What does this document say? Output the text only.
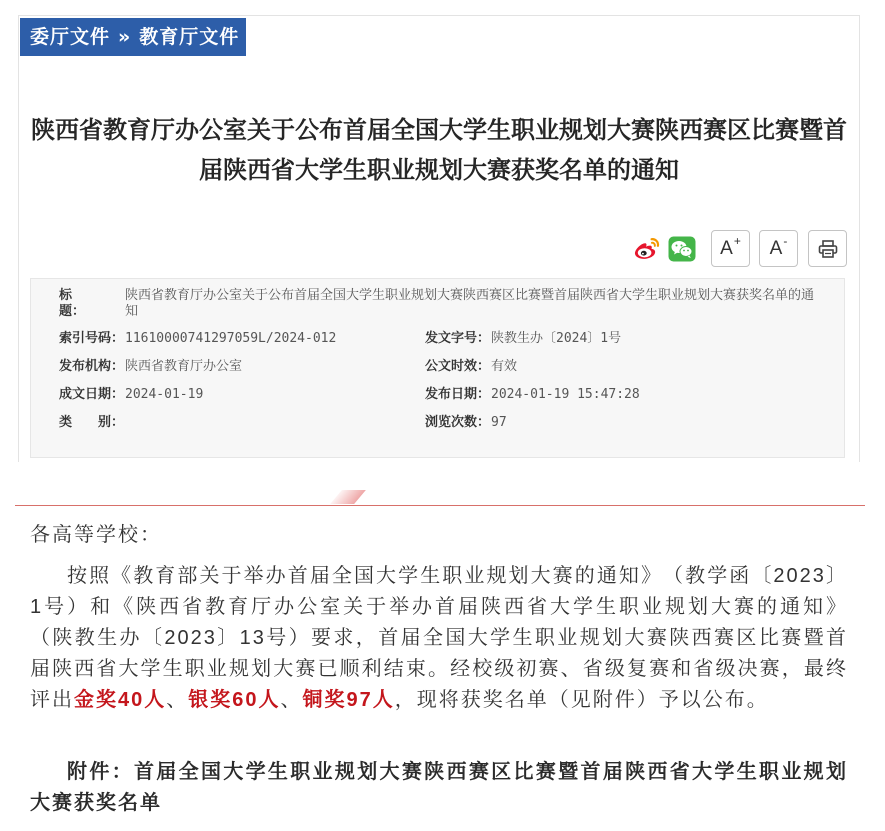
委厅文件 » 教育厅文件
陕西省教育厅办公室关于公布首届全国大学生职业规划大赛陕西赛区比赛暨首届陕西省大学生职业规划大赛获奖名单的通知
A + A -
标　　题：
陕西省教育厅办公室关于公布首届全国大学生职业规划大赛陕西赛区比赛暨首届陕西省大学生职业规划大赛获奖名单的通知
索引号码： 11610000741297059L/2024-012	发文字号： 陕教生办〔2024〕1号
发布机构： 陕西省教育厅办公室	公文时效： 有效
成文日期： 2024-01-19	发布日期： 2024-01-19 15:47:28
类　　别：	浏览次数： 97

各高等学校：

按照《教育部关于举办首届全国大学生职业规划大赛的通知》（教学函〔2023〕1号）和《陕西省教育厅办公室关于举办首届陕西省大学生职业规划大赛的通知》（陕教生办〔2023〕13号）要求，首届全国大学生职业规划大赛陕西赛区比赛暨首届陕西省大学生职业规划大赛已顺利结束。经校级初赛、省级复赛和省级决赛，最终评出金奖40人、银奖60人、铜奖97人，现将获奖名单（见附件）予以公布。

附件：首届全国大学生职业规划大赛陕西赛区比赛暨首届陕西省大学生职业规划大赛获奖名单
